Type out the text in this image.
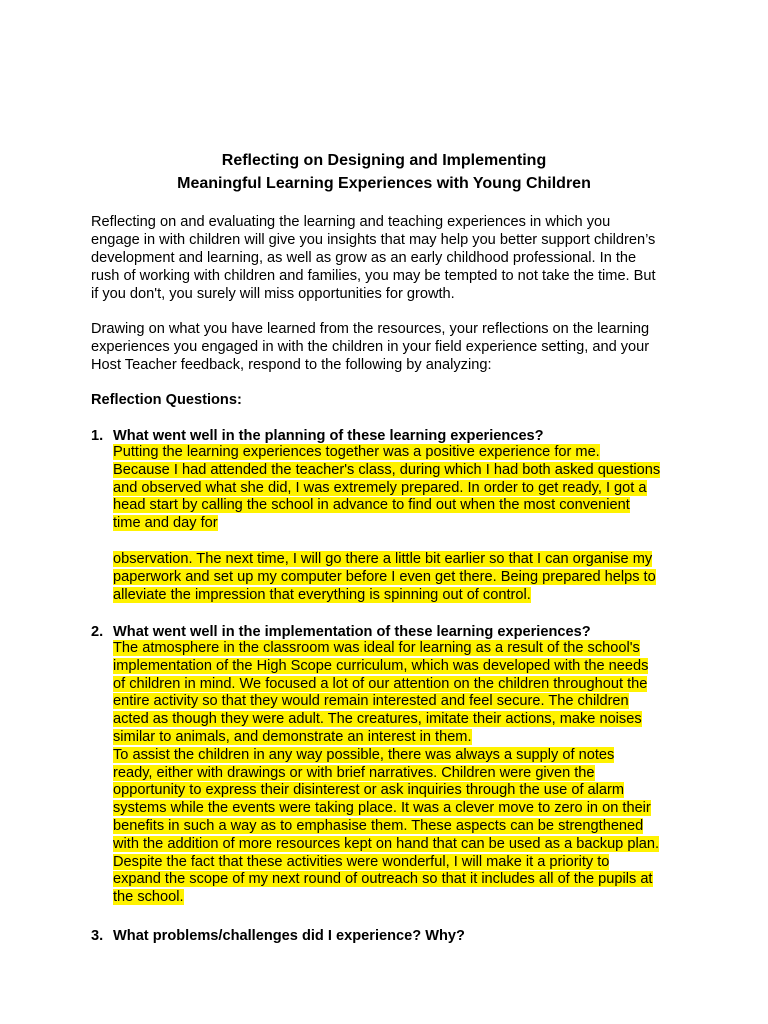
Reflecting on Designing and Implementing
Meaningful Learning Experiences with Young Children
Reflecting on and evaluating the learning and teaching experiences in which you
engage in with children will give you insights that may help you better support children’s
development and learning, as well as grow as an early childhood professional. In the
rush of working with children and families, you may be tempted to not take the time. But
if you don't, you surely will miss opportunities for growth.
Drawing on what you have learned from the resources, your reflections on the learning
experiences you engaged in with the children in your field experience setting, and your
Host Teacher feedback, respond to the following by analyzing:
Reflection Questions:
1. What went well in the planning of these learning experiences?
Putting the learning experiences together was a positive experience for me.
Because I had attended the teacher's class, during which I had both asked questions
and observed what she did, I was extremely prepared. In order to get ready, I got a
head start by calling the school in advance to find out when the most convenient
time and day for
observation. The next time, I will go there a little bit earlier so that I can organise my
paperwork and set up my computer before I even get there. Being prepared helps to
alleviate the impression that everything is spinning out of control.
2. What went well in the implementation of these learning experiences?
The atmosphere in the classroom was ideal for learning as a result of the school's
implementation of the High Scope curriculum, which was developed with the needs
of children in mind. We focused a lot of our attention on the children throughout the
entire activity so that they would remain interested and feel secure. The children
acted as though they were adult. The creatures, imitate their actions, make noises
similar to animals, and demonstrate an interest in them.
To assist the children in any way possible, there was always a supply of notes
ready, either with drawings or with brief narratives. Children were given the
opportunity to express their disinterest or ask inquiries through the use of alarm
systems while the events were taking place. It was a clever move to zero in on their
benefits in such a way as to emphasise them. These aspects can be strengthened
with the addition of more resources kept on hand that can be used as a backup plan.
Despite the fact that these activities were wonderful, I will make it a priority to
expand the scope of my next round of outreach so that it includes all of the pupils at
the school.
3. What problems/challenges did I experience? Why?
